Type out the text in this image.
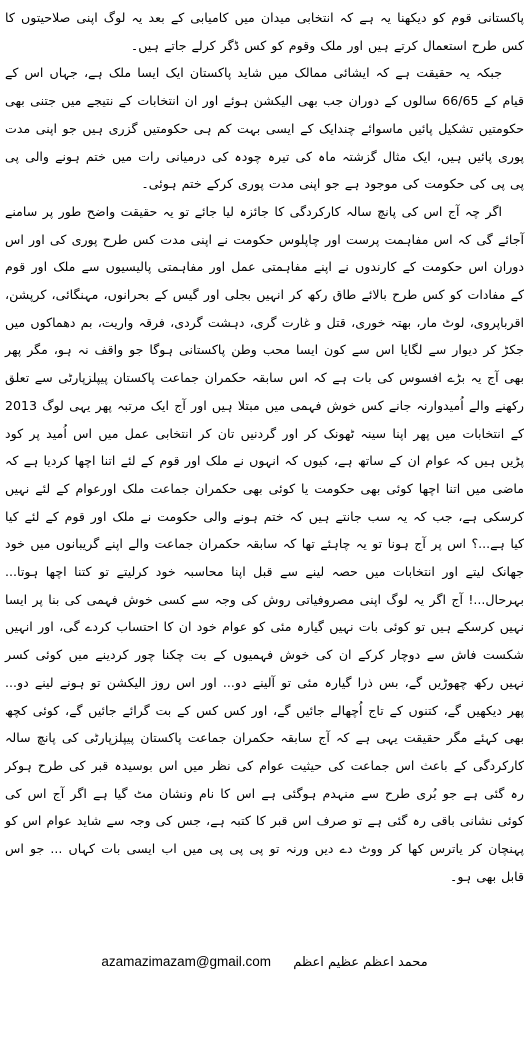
پاکستانی قوم کو دیکھنا یہ ہے کہ انتخابی میدان میں کامیابی کے بعد یہ لوگ اپنی صلاحیتوں کا کس طرح استعمال کرتے ہیں اور ملک وقوم کو کس ڈگر کرلے جاتے ہیں۔

جبکہ یہ حقیقت ہے کہ ایشائی ممالک میں شاید پاکستان ایک ایسا ملک ہے، جہاں اس کے قیام کے 66/65 سالوں کے دوران جب بھی الیکشن ہوئے اور ان انتخابات کے نتیجے میں جتنی بھی حکومتیں تشکیل پائیں ماسوائے چندایک کے ایسی بہت کم ہی حکومتیں گزری ہیں جو اپنی مدت پوری پائیں ہیں، ایک مثال گزشتہ ماہ کی تیرہ چودہ کی درمیانی رات میں ختم ہونے والی پی پی پی کی حکومت کی موجود ہے جو اپنی مدت پوری کرکے ختم ہوئی۔

اگر چہ آج اس کی پانچ سالہ کارکردگی کا جائزہ لیا جائے تو یہ حقیقت واضح طور پر سامنے آجائے گی کہ اس مفاہمت پرست اور چاپلوس حکومت نے اپنی مدت کس طرح پوری کی اور اس دوران اس حکومت کے کارندوں نے اپنے مفاہمتی عمل اور مفاہمتی پالیسیوں سے ملک اور قوم کے مفادات کو کس طرح بالائے طاق رکھ کر انہیں بجلی اور گیس کے بحرانوں، مہنگائی، کرپشن، اقرباپروی، لوٹ مار، بھتہ خوری، قتل و غارت گری، دہشت گردی، فرقہ واریت، بم دھماکوں میں جکڑ کر دیوار سے لگایا اس سے کون ایسا محب وطن پاکستانی ہوگا جو واقف نہ ہو، مگر پھر بھی آج یہ بڑے افسوس کی بات ہے کہ اس سابقہ حکمران جماعت پاکستان پیپلزپارٹی سے تعلق رکھنے والے اُمیدوارنہ جانے کس خوش فہمی میں مبتلا ہیں اور آج ایک مرتبہ پھر یہی لوگ 2013 کے انتخابات میں پھر اپنا سینہ ٹھونک کر اور گردنیں تان کر انتخابی عمل میں اس اُمید پر کود پڑیں ہیں کہ عوام ان کے ساتھ ہے، کیوں کہ انہوں نے ملک اور قوم کے لئے اتنا اچھا کردیا ہے کہ ماضی میں اتنا اچھا کوئی بھی حکومت یا کوئی بھی حکمران جماعت ملک اورعوام کے لئے نہیں کرسکی ہے، جب کہ یہ سب جانتے ہیں کہ ختم ہونے والی حکومت نے ملک اور قوم کے لئے کیا کیا ہے...؟ اس پر آج ہونا تو یہ چاہئے تھا کہ سابقہ حکمران جماعت والے اپنے گریبانوں میں خود جھانک لیتے اور انتخابات میں حصہ لینے سے قبل اپنا محاسبہ خود کرلیتے تو کتنا اچھا ہوتا... بہرحال...! آج اگر یہ لوگ اپنی مصروفیاتی روش کی وجہ سے کسی خوش فہمی کی بنا پر ایسا نہیں کرسکے ہیں تو کوئی بات نہیں گیارہ مئی کو عوام خود ان کا احتساب کردے گی، اور انہیں شکست فاش سے دوچار کرکے ان کی خوش فہمیوں کے بت چکنا چور کردینے میں کوئی کسر نہیں رکھ چھوڑیں گے، بس ذرا گیارہ مئی تو آلینے دو... اور اس روز الیکشن تو ہونے لینے دو... پھر دیکھیں گے، کتنوں کے تاج اُچھالے جائیں گے، اور کس کس کے بت گرائے جائیں گے، کوئی کچھ بھی کہئے مگر حقیقت یہی ہے کہ آج سابقہ حکمران جماعت پاکستان پیپلزپارٹی کی پانچ سالہ کارکردگی کے باعث اس جماعت کی حیثیت عوام کی نظر میں اس بوسیدہ قبر کی طرح ہوکر رہ گئی ہے جو بُری طرح سے منہدم ہوگئی ہے اس کا نام ونشان مٹ گیا ہے اگر آج اس کی کوئی نشانی باقی رہ گئی ہے تو صرف اس قبر کا کتبہ ہے، جس کی وجہ سے شاید عوام اس کو پہنچان کر یاترس کھا کر ووٹ دے دیں ورنہ تو پی پی پی میں اب ایسی بات کہاں ... جو اس قابل بھی ہو۔

azamazimazam@gmail.com محمد اعظم عظیم اعظم
